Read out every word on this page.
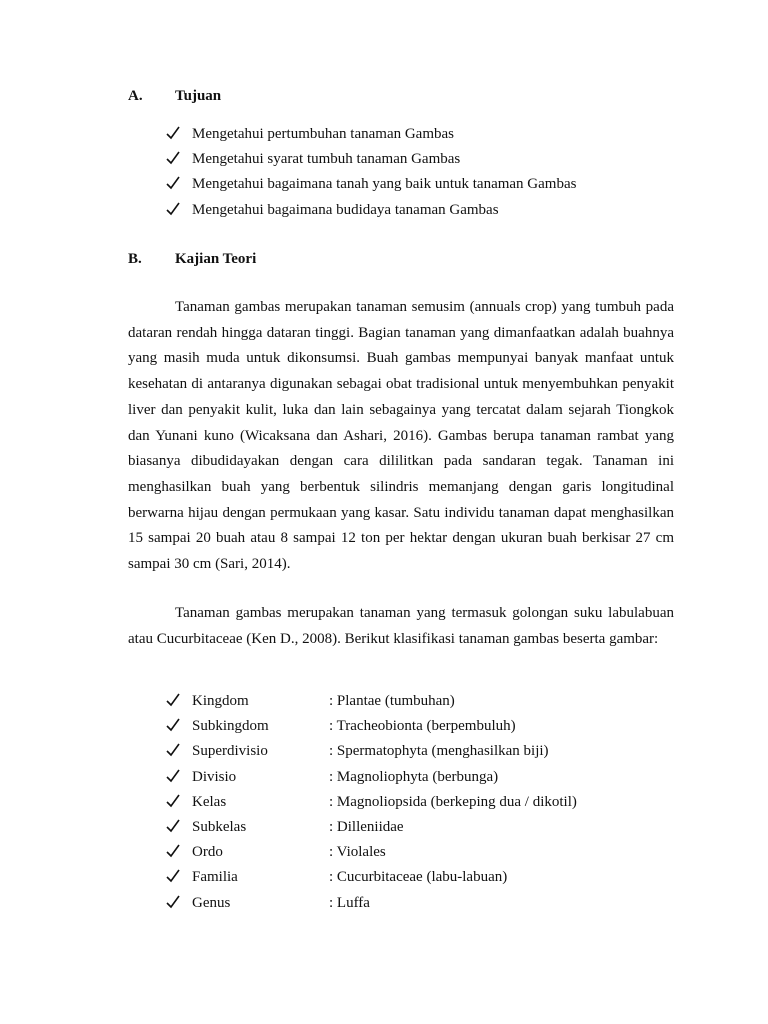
A. Tujuan
Mengetahui pertumbuhan tanaman Gambas
Mengetahui syarat tumbuh tanaman Gambas
Mengetahui bagaimana tanah yang baik untuk tanaman Gambas
Mengetahui bagaimana budidaya tanaman Gambas
B. Kajian Teori

Tanaman gambas merupakan tanaman semusim (annuals crop) yang tumbuh pada dataran rendah hingga dataran tinggi. Bagian tanaman yang dimanfaatkan adalah buahnya yang masih muda untuk dikonsumsi. Buah gambas mempunyai banyak manfaat untuk kesehatan di antaranya digunakan sebagai obat tradisional untuk menyembuhkan penyakit liver dan penyakit kulit, luka dan lain sebagainya yang tercatat dalam sejarah Tiongkok dan Yunani kuno (Wicaksana dan Ashari, 2016). Gambas berupa tanaman rambat yang biasanya dibudidayakan dengan cara dililitkan pada sandaran tegak. Tanaman ini menghasilkan buah yang berbentuk silindris memanjang dengan garis longitudinal berwarna hijau dengan permukaan yang kasar. Satu individu tanaman dapat menghasilkan 15 sampai 20 buah atau 8 sampai 12 ton per hektar dengan ukuran buah berkisar 27 cm sampai 30 cm (Sari, 2014).

Tanaman gambas merupakan tanaman yang termasuk golongan suku labulabuan atau Cucurbitaceae (Ken D., 2008). Berikut klasifikasi tanaman gambas beserta gambar:

Kingdom	: Plantae (tumbuhan)
Subkingdom	: Tracheobionta (berpembuluh)
Superdivisio	: Spermatophyta (menghasilkan biji)
Divisio	: Magnoliophyta (berbunga)
Kelas	: Magnoliopsida (berkeping dua / dikotil)
Subkelas	: Dilleniidae
Ordo	: Violales
Familia	: Cucurbitaceae (labu-labuan)
Genus	: Luffa
